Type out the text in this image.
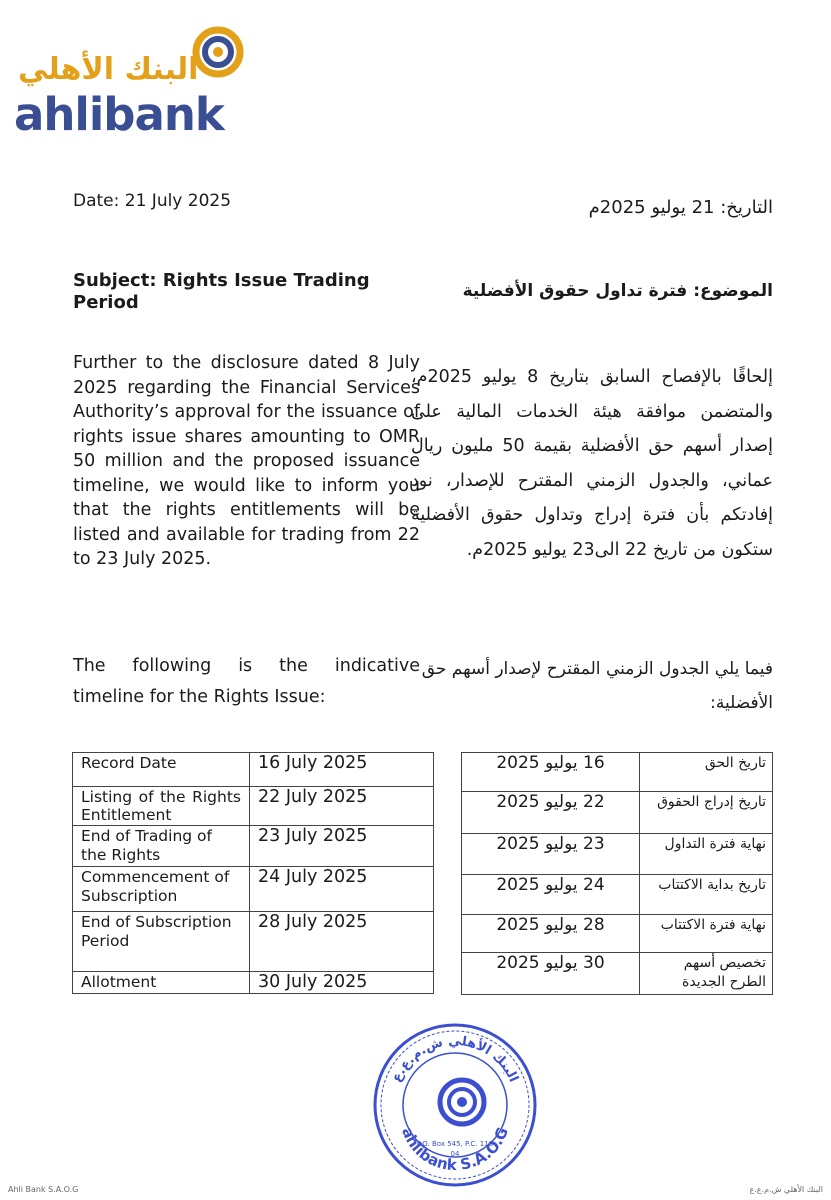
البنك الأهلي
ahlibank
Date: 21 July 2025	التاريخ: 21 يوليو 2025م
Subject: Rights Issue Trading Period
الموضوع: فترة تداول حقوق الأفضلية
Further to the disclosure dated 8 July 2025 regarding the Financial Services Authority’s approval for the issuance of rights issue shares amounting to OMR 50 million and the proposed issuance timeline, we would like to inform you that the rights entitlements will be listed and available for trading from 22 to 23 July 2025.
إلحاقًا بالإفصاح السابق بتاريخ 8 يوليو 2025م، والمتضمن موافقة هيئة الخدمات المالية على إصدار أسهم حق الأفضلية بقيمة 50 مليون ريال عماني، والجدول الزمني المقترح للإصدار، نود إفادتكم بأن فترة إدراج وتداول حقوق الأفضلية ستكون من تاريخ 22 الى23 يوليو 2025م.
The following is the indicative
timeline for the Rights Issue:
فيما يلي الجدول الزمني المقترح لإصدار أسهم حق الأفضلية:
Record Date	16 July 2025

Listing of the Rights Entitlement	22 July 2025
End of Trading of the Rights	23 July 2025
Commencement of Subscription	24 July 2025
End of Subscription Period	28 July 2025
Allotment	30 July 2025
تاريخ الحق	16 يوليو 2025
تاريخ إدراج الحقوق	22 يوليو 2025
نهاية فترة التداول	23 يوليو 2025
تاريخ بداية الاكتتاب	24 يوليو 2025
نهاية فترة الاكتتاب	28 يوليو 2025
تخصيص أسهم الطرح الجديدة	30 يوليو 2025
البنك الأهلي ش.م.ع.ع
ahlibank S.A.O.G
P.O. Box 545, P.C. 116
04
Ahli Bank S.A.O.G	البنك الأهلي ش.م.ع.ع
